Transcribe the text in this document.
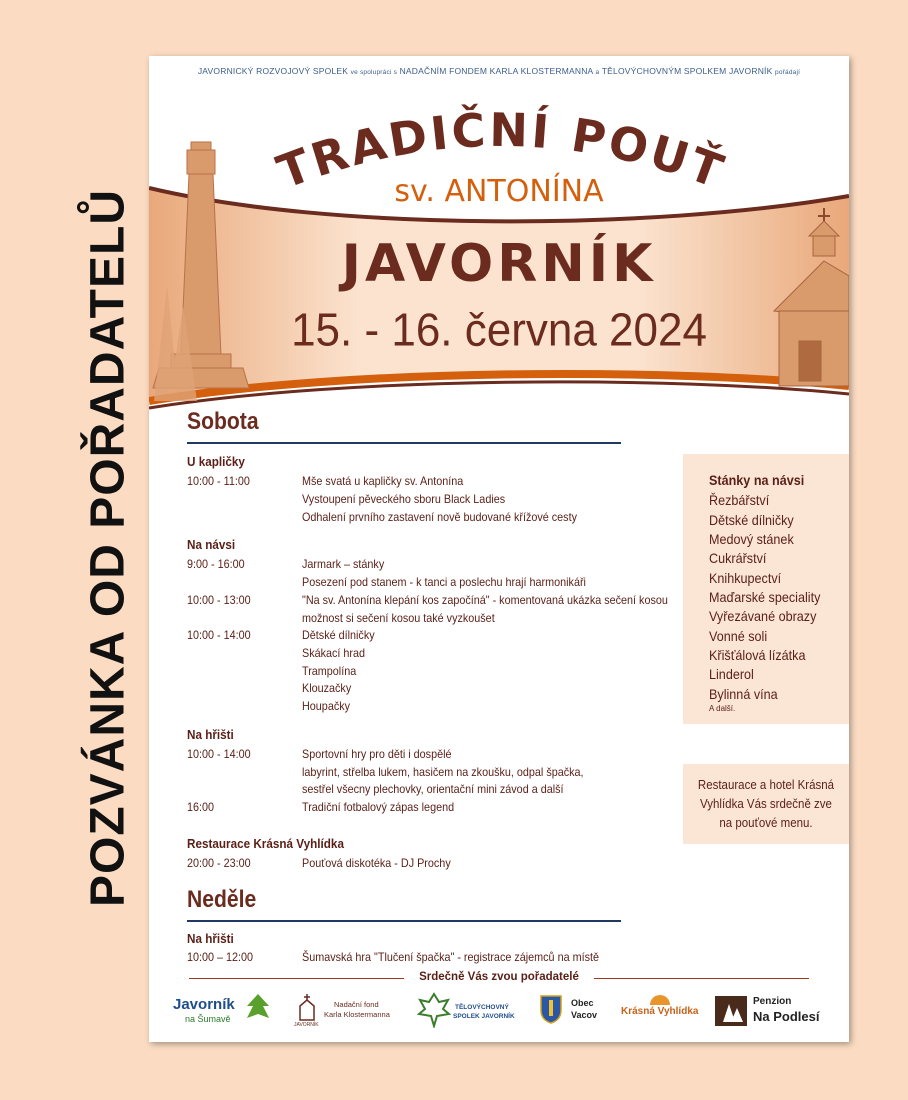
POZVÁNKA OD POŘADATELŮ
JAVORNICKÝ ROZVOJOVÝ SPOLEK ve spolupráci s NADAČNÍM FONDEM KARLA KLOSTERMANNA a TĚLOVÝCHOVNÝM SPOLKEM JAVORNÍK pořádají
TRADIČNÍ POUŤ
sv. ANTONÍNA
JAVORNÍK
15. - 16. června 2024
Sobota
U kapličky
10:00 - 11:00	Mše svatá u kapličky sv. Antonína
Vystoupení pěveckého sboru Black Ladies
Odhalení prvního zastavení nově budované křížové cesty
Na návsi
9:00 - 16:00	Jarmark – stánky
Posezení pod stanem - k tanci a poslechu hrají harmonikáři
10:00 - 13:00	"Na sv. Antonína klepání kos započíná" - komentovaná ukázka sečení kosou
možnost si sečení kosou také vyzkoušet
10:00 - 14:00	Dětské dílničky
Skákací hrad
Trampolína
Klouzačky
Houpačky
Na hřišti
10:00 - 14:00	Sportovní hry pro děti i dospělé
labyrint, střelba lukem, hasičem na zkoušku, odpal špačka,
sestřel všecny plechovky, orientační mini závod a další
16:00	Tradiční fotbalový zápas legend
Restaurace Krásná Vyhlídka
20:00 - 23:00	Pouťová diskotéka - DJ Prochy
Neděle
Na hřišti
10:00 – 12:00	Šumavská hra "Tlučení špačka" - registrace zájemců na místě
Stánky na návsi
Řezbářství
Dětské dílničky
Medový stánek
Cukrářství
Knihkupectví
Maďarské speciality
Vyřezávané obrazy
Vonné soli
Křišťálová lízátka
Linderol
Bylinná vína
A další.
Restaurace a hotel Krásná
Vyhlídka Vás srdečně zve
na pouťové menu.
Srdečně Vás zvou pořadatelé
Javorník
na Šumavě
JAVORNÍK
Nadační fond
Karla Klostermanna
TĚLOVÝCHOVNÝ
SPOLEK JAVORNÍK
Obec
Vacov Krásná Vyhlídka
Penzion
Na Podlesí
